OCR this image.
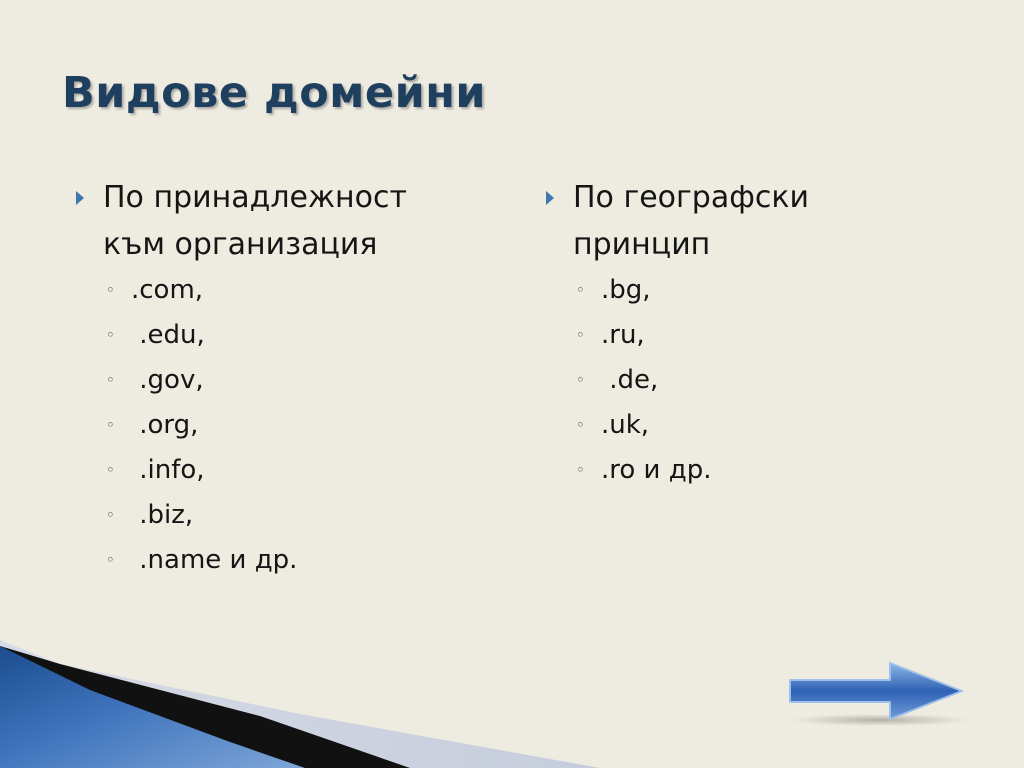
Видове домейни
По принадлежност
към организация
◦ .com,
◦ .edu,
◦ .gov,
◦ .org,
◦ .info,
◦ .biz,
◦ .name и др.
По географски
принцип
◦ .bg,
◦ .ru,
◦ .de,
◦ .uk,
◦ .ro и др.
